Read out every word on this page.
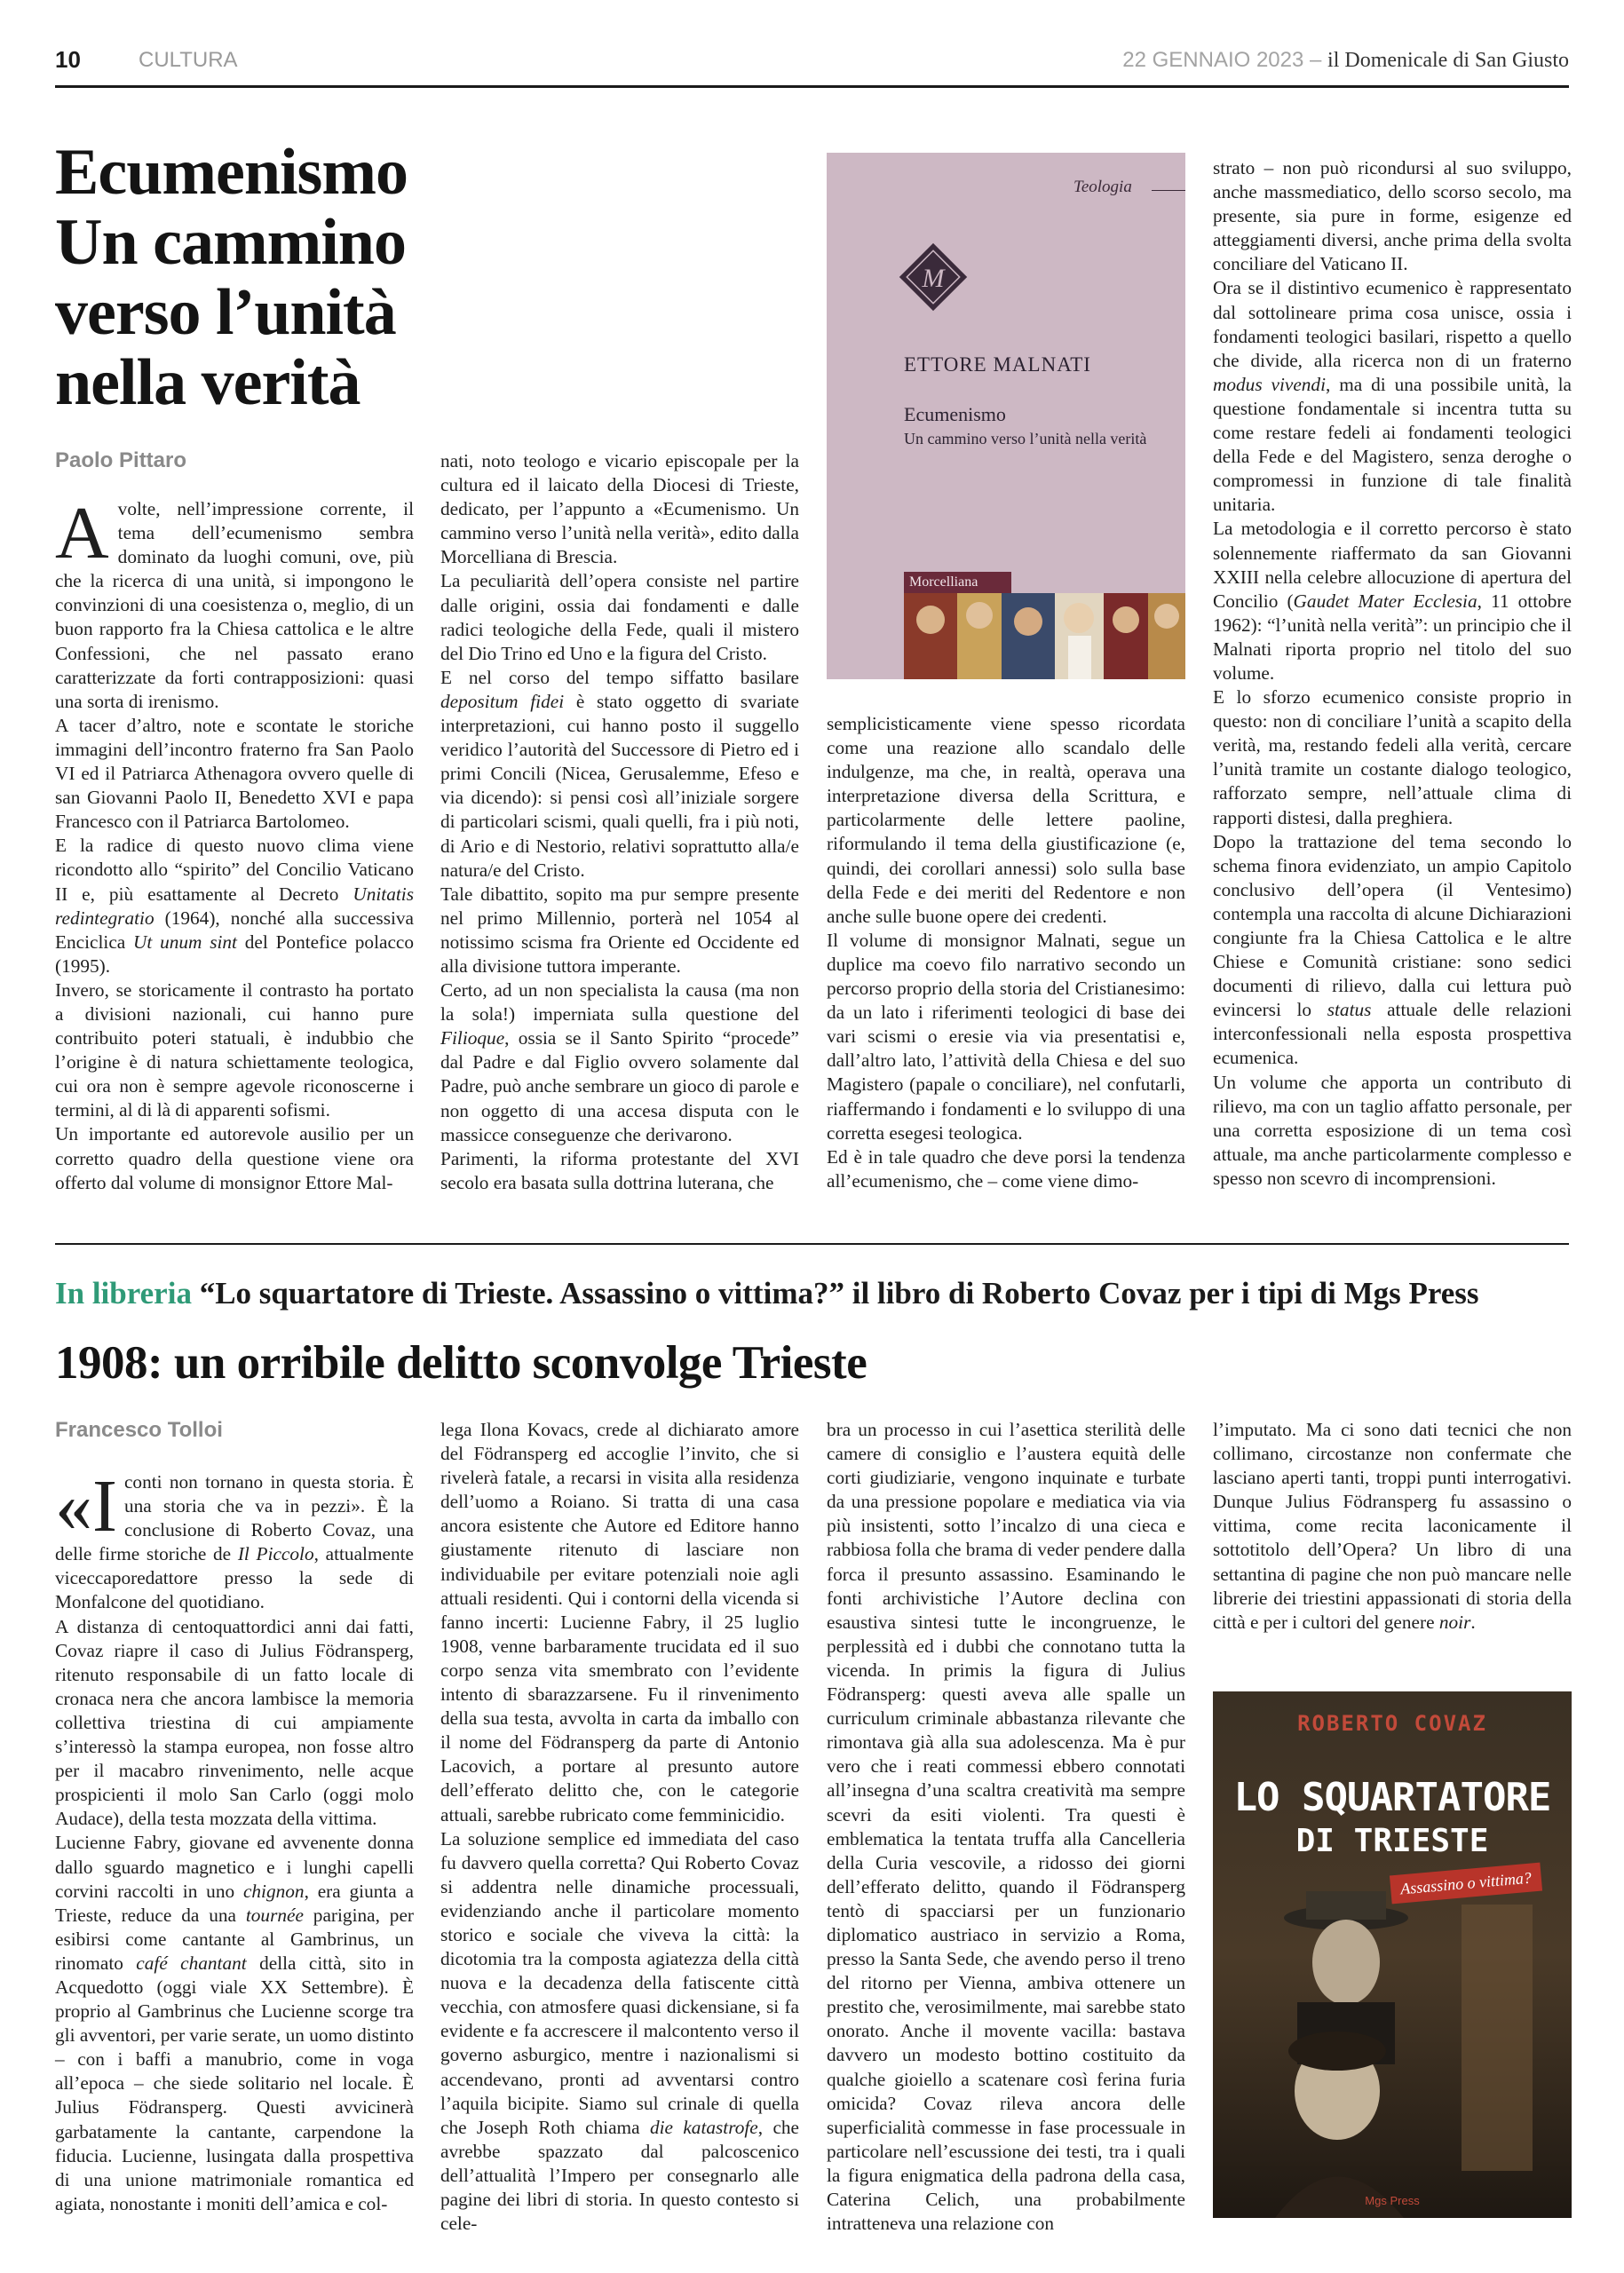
10	CULTURA	22 GENNAIO 2023 – il Domenicale di San Giusto
Ecumenismo
Un cammino
verso l’unità
nella verità
Paolo Pittaro
A volte, nell’impressione corrente, il tema dell’ecumenismo sembra dominato da luoghi comuni, ove, più che la ricerca di una unità, si impongono le convinzioni di una coesistenza o, meglio, di un buon rapporto fra la Chiesa cattolica e le altre Confessioni, che nel passato erano caratterizzate da forti contrapposizioni: quasi una sorta di irenismo.

A tacer d’altro, note e scontate le storiche immagini dell’incontro fraterno fra San Paolo VI ed il Patriarca Athenagora ovvero quelle di san Giovanni Paolo II, Benedetto XVI e papa Francesco con il Patriarca Bartolomeo.

E la radice di questo nuovo clima viene ricondotto allo “spirito” del Concilio Vaticano II e, più esattamente al Decreto Unitatis redintegratio (1964), nonché alla successiva Enciclica Ut unum sint del Pontefice polacco (1995).

Invero, se storicamente il contrasto ha portato a divisioni nazionali, cui hanno pure contribuito poteri statuali, è indubbio che l’origine è di natura schiettamente teologica, cui ora non è sempre agevole riconoscerne i termini, al di là di apparenti sofismi.

Un importante ed autorevole ausilio per un corretto quadro della questione viene ora offerto dal volume di monsignor Ettore Mal-

nati, noto teologo e vicario episcopale per la cultura ed il laicato della Diocesi di Trieste, dedicato, per l’appunto a «Ecumenismo. Un cammino verso l’unità nella verità», edito dalla Morcelliana di Brescia.

La peculiarità dell’opera consiste nel partire dalle origini, ossia dai fondamenti e dalle radici teologiche della Fede, quali il mistero del Dio Trino ed Uno e la figura del Cristo.

E nel corso del tempo siffatto basilare depositum fidei è stato oggetto di svariate interpretazioni, cui hanno posto il suggello veridico l’autorità del Successore di Pietro ed i primi Concili (Nicea, Gerusalemme, Efeso e via dicendo): si pensi così all’iniziale sorgere di particolari scismi, quali quelli, fra i più noti, di Ario e di Nestorio, relativi soprattutto alla/e natura/e del Cristo.

Tale dibattito, sopito ma pur sempre presente nel primo Millennio, porterà nel 1054 al notissimo scisma fra Oriente ed Occidente ed alla divisione tuttora imperante.

Certo, ad un non specialista la causa (ma non la sola!) imperniata sulla questione del Filioque, ossia se il Santo Spirito “procede” dal Padre e dal Figlio ovvero solamente dal Padre, può anche sembrare un gioco di parole e non oggetto di una accesa disputa con le massicce conseguenze che derivarono.

Parimenti, la riforma protestante del XVI secolo era basata sulla dottrina luterana, che

Teologia
M
ETTORE MALNATI
Ecumenismo
Un cammino verso l’unità nella verità
Morcelliana

semplicisticamente viene spesso ricordata come una reazione allo scandalo delle indulgenze, ma che, in realtà, operava una interpretazione diversa della Scrittura, e particolarmente delle lettere paoline, riformulando il tema della giustificazione (e, quindi, dei corollari annessi) solo sulla base della Fede e dei meriti del Redentore e non anche sulle buone opere dei credenti.

Il volume di monsignor Malnati, segue un duplice ma coevo filo narrativo secondo un percorso proprio della storia del Cristianesimo: da un lato i riferimenti teologici di base dei vari scismi o eresie via via presentatisi e, dall’altro lato, l’attività della Chiesa e del suo Magistero (papale o conciliare), nel confutarli, riaffermando i fondamenti e lo sviluppo di una corretta esegesi teologica.

Ed è in tale quadro che deve porsi la tendenza all’ecumenismo, che – come viene dimo-

strato – non può ricondursi al suo sviluppo, anche massmediatico, dello scorso secolo, ma presente, sia pure in forme, esigenze ed atteggiamenti diversi, anche prima della svolta conciliare del Vaticano II.

Ora se il distintivo ecumenico è rappresentato dal sottolineare prima cosa unisce, ossia i fondamenti teologici basilari, rispetto a quello che divide, alla ricerca non di un fraterno modus vivendi, ma di una possibile unità, la questione fondamentale si incentra tutta su come restare fedeli ai fondamenti teologici della Fede e del Magistero, senza deroghe o compromessi in funzione di tale finalità unitaria.

La metodologia e il corretto percorso è stato solennemente riaffermato da san Giovanni XXIII nella celebre allocuzione di apertura del Concilio (Gaudet Mater Ecclesia, 11 ottobre 1962): “l’unità nella verità”: un principio che il Malnati riporta proprio nel titolo del suo volume.

E lo sforzo ecumenico consiste proprio in questo: non di conciliare l’unità a scapito della verità, ma, restando fedeli alla verità, cercare l’unità tramite un costante dialogo teologico, rafforzato sempre, nell’attuale clima di rapporti distesi, dalla preghiera.

Dopo la trattazione del tema secondo lo schema finora evidenziato, un ampio Capitolo conclusivo dell’opera (il Ventesimo) contempla una raccolta di alcune Dichiarazioni congiunte fra la Chiesa Cattolica e le altre Chiese e Comunità cristiane: sono sedici documenti di rilievo, dalla cui lettura può evincersi lo status attuale delle relazioni interconfessionali nella esposta prospettiva ecumenica.

Un volume che apporta un contributo di rilievo, ma con un taglio affatto personale, per una corretta esposizione di un tema così attuale, ma anche particolarmente complesso e spesso non scevro di incomprensioni.

In libreria “Lo squartatore di Trieste. Assassino o vittima?” il libro di Roberto Covaz per i tipi di Mgs Press
1908: un orribile delitto sconvolge Trieste
Francesco Tolloi
«I conti non tornano in questa storia. È una storia che va in pezzi». È la conclusione di Roberto Covaz, una delle firme storiche de Il Piccolo, attualmente viceccaporedattore presso la sede di Monfalcone del quotidiano.

A distanza di centoquattordici anni dai fatti, Covaz riapre il caso di Julius Födransperg, ritenuto responsabile di un fatto locale di cronaca nera che ancora lambisce la memoria collettiva triestina di cui ampiamente s’interessò la stampa europea, non fosse altro per il macabro rinvenimento, nelle acque prospicienti il molo San Carlo (oggi molo Audace), della testa mozzata della vittima.

Lucienne Fabry, giovane ed avvenente donna dallo sguardo magnetico e i lunghi capelli corvini raccolti in uno chignon, era giunta a Trieste, reduce da una tournée parigina, per esibirsi come cantante al Gambrinus, un rinomato café chantant della città, sito in Acquedotto (oggi viale XX Settembre). È proprio al Gambrinus che Lucienne scorge tra gli avventori, per varie serate, un uomo distinto – con i baffi a manubrio, come in voga all’epoca – che siede solitario nel locale. È Julius Födransperg. Questi avvicinerà garbatamente la cantante, carpendone la fiducia. Lucienne, lusingata dalla prospettiva di una unione matrimoniale romantica ed agiata, nonostante i moniti dell’amica e col-

lega Ilona Kovacs, crede al dichiarato amore del Födransperg ed accoglie l’invito, che si rivelerà fatale, a recarsi in visita alla residenza dell’uomo a Roiano. Si tratta di una casa ancora esistente che Autore ed Editore hanno giustamente ritenuto di lasciare non individuabile per evitare potenziali noie agli attuali residenti. Qui i contorni della vicenda si fanno incerti: Lucienne Fabry, il 25 luglio 1908, venne barbaramente trucidata ed il suo corpo senza vita smembrato con l’evidente intento di sbarazzarsene. Fu il rinvenimento della sua testa, avvolta in carta da imballo con il nome del Födransperg da parte di Antonio Lacovich, a portare al presunto autore dell’efferato delitto che, con le categorie attuali, sarebbe rubricato come femminicidio.

La soluzione semplice ed immediata del caso fu davvero quella corretta? Qui Roberto Covaz si addentra nelle dinamiche processuali, evidenziando anche il particolare momento storico e sociale che viveva la città: la dicotomia tra la composta agiatezza della città nuova e la decadenza della fatiscente città vecchia, con atmosfere quasi dickensiane, si fa evidente e fa accrescere il malcontento verso il governo asburgico, mentre i nazionalismi si accendevano, pronti ad avventarsi contro l’aquila bicipite. Siamo sul crinale di quella che Joseph Roth chiama die katastrofe, che avrebbe spazzato dal palcoscenico dell’attualità l’Impero per consegnarlo alle pagine dei libri di storia. In questo contesto si cele-

bra un processo in cui l’asettica sterilità delle camere di consiglio e l’austera equità delle corti giudiziarie, vengono inquinate e turbate da una pressione popolare e mediatica via via più insistenti, sotto l’incalzo di una cieca e rabbiosa folla che brama di veder pendere dalla forca il presunto assassino. Esaminando le fonti archivistiche l’Autore declina con esaustiva sintesi tutte le incongruenze, le perplessità ed i dubbi che connotano tutta la vicenda. In primis la figura di Julius Födransperg: questi aveva alle spalle un curriculum criminale abbastanza rilevante che rimontava già alla sua adolescenza. Ma è pur vero che i reati commessi ebbero connotati all’insegna d’una scaltra creatività ma sempre scevri da esiti violenti. Tra questi è emblematica la tentata truffa alla Cancelleria della Curia vescovile, a ridosso dei giorni dell’efferato delitto, quando il Födransperg tentò di spacciarsi per un funzionario diplomatico austriaco in servizio a Roma, presso la Santa Sede, che avendo perso il treno del ritorno per Vienna, ambiva ottenere un prestito che, verosimilmente, mai sarebbe stato onorato. Anche il movente vacilla: bastava davvero un modesto bottino costituito da qualche gioiello a scatenare così ferina furia omicida? Covaz rileva ancora delle superficialità commesse in fase processuale in particolare nell’escussione dei testi, tra i quali la figura enigmatica della padrona della casa, Caterina Celich, una probabilmente intratteneva una relazione con

l’imputato. Ma ci sono dati tecnici che non collimano, circostanze non confermate che lasciano aperti tanti, troppi punti interrogativi. Dunque Julius Födransperg fu assassino o vittima, come recita laconicamente il sottotitolo dell’Opera? Un libro di una settantina di pagine che non può mancare nelle librerie dei triestini appassionati di storia della città e per i cultori del genere noir.

ROBERTO COVAZ
LO SQUARTATORE
DI TRIESTE
Assassino o vittima?
Mgs Press
